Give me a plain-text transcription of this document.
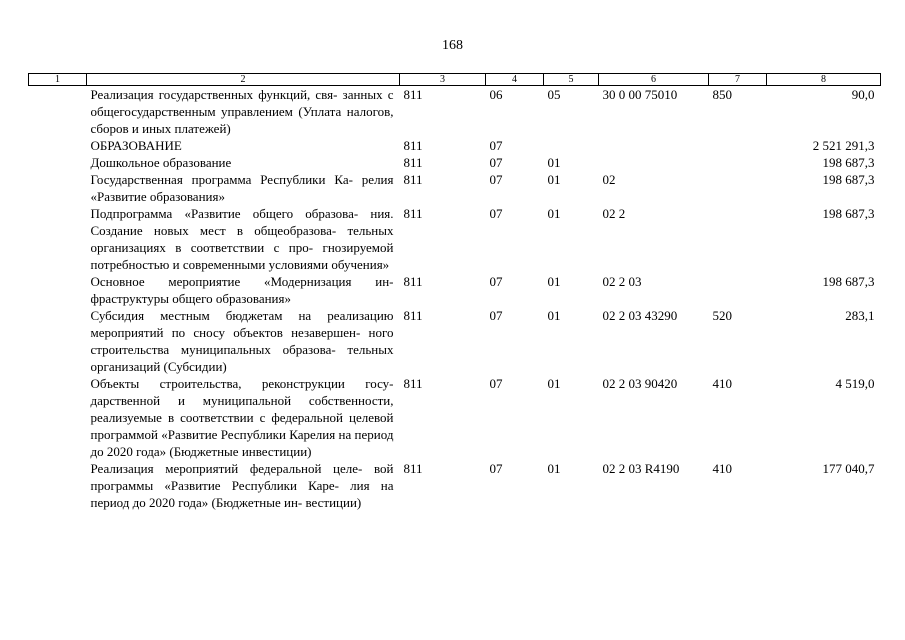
168
1	2	3	4	5	6	7	8
	Реализация государственных функций, свя- занных с общегосударственным управлением (Уплата налогов, сборов и иных платежей)	811	06	05	30 0 00 75010	850	90,0
	ОБРАЗОВАНИЕ	811	07				2 521 291,3
	Дошкольное образование	811	07	01			198 687,3
	Государственная программа Республики Ка- релия «Развитие образования»	811	07	01	02		198 687,3
	Подпрограмма «Развитие общего образова- ния. Создание новых мест в общеобразова- тельных организациях в соответствии с про- гнозируемой потребностью и современными условиями обучения»	811	07	01	02 2		198 687,3
	Основное мероприятие «Модернизация ин- фраструктуры общего образования»	811	07	01	02 2 03		198 687,3
	Субсидия местным бюджетам на реализацию мероприятий по сносу объектов незавершен- ного строительства муниципальных образова- тельных организаций (Субсидии)	811	07	01	02 2 03 43290	520	283,1
	Объекты строительства, реконструкции госу- дарственной и муниципальной собственности, реализуемые в соответствии с федеральной целевой программой «Развитие Республики Карелия на период до 2020 года» (Бюджетные инвестиции)	811	07	01	02 2 03 90420	410	4 519,0
	Реализация мероприятий федеральной целе- вой программы «Развитие Республики Каре- лия на период до 2020 года» (Бюджетные ин- вестиции)	811	07	01	02 2 03 R4190	410	177 040,7
